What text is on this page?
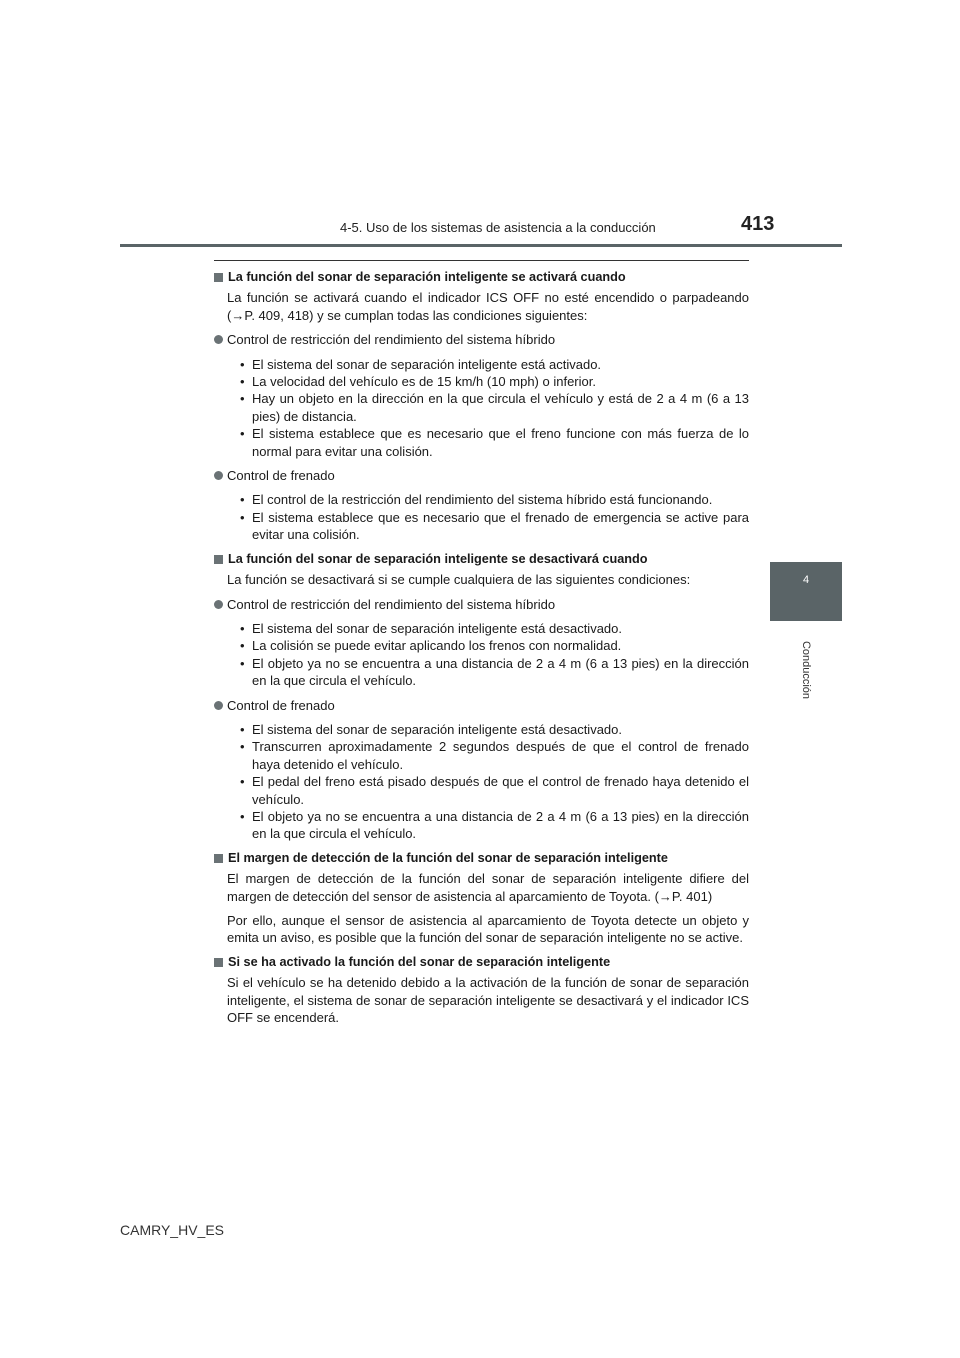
4-5. Uso de los sistemas de asistencia a la conducción	413
4
Conducción
La función del sonar de separación inteligente se activará cuando
La función se activará cuando el indicador ICS OFF no esté encendido o parpadeando (→P. 409, 418) y se cumplan todas las condiciones siguientes:
Control de restricción del rendimiento del sistema híbrido
• El sistema del sonar de separación inteligente está activado.
• La velocidad del vehículo es de 15 km/h (10 mph) o inferior.
• Hay un objeto en la dirección en la que circula el vehículo y está de 2 a 4 m (6 a 13 pies) de distancia.
• El sistema establece que es necesario que el freno funcione con más fuerza de lo normal para evitar una colisión.
Control de frenado
• El control de la restricción del rendimiento del sistema híbrido está funcionando.
• El sistema establece que es necesario que el frenado de emergencia se active para evitar una colisión.
La función del sonar de separación inteligente se desactivará cuando
La función se desactivará si se cumple cualquiera de las siguientes condiciones:
Control de restricción del rendimiento del sistema híbrido
• El sistema del sonar de separación inteligente está desactivado.
• La colisión se puede evitar aplicando los frenos con normalidad.
• El objeto ya no se encuentra a una distancia de 2 a 4 m (6 a 13 pies) en la dirección en la que circula el vehículo.
Control de frenado
• El sistema del sonar de separación inteligente está desactivado.
• Transcurren aproximadamente 2 segundos después de que el control de frenado haya detenido el vehículo.
• El pedal del freno está pisado después de que el control de frenado haya detenido el vehículo.
• El objeto ya no se encuentra a una distancia de 2 a 4 m (6 a 13 pies) en la dirección en la que circula el vehículo.
El margen de detección de la función del sonar de separación inteligente
El margen de detección de la función del sonar de separación inteligente difiere del margen de detección del sensor de asistencia al aparcamiento de Toyota. (→P. 401)
Por ello, aunque el sensor de asistencia al aparcamiento de Toyota detecte un objeto y emita un aviso, es posible que la función del sonar de separación inteligente no se active.
Si se ha activado la función del sonar de separación inteligente
Si el vehículo se ha detenido debido a la activación de la función de sonar de separación inteligente, el sistema de sonar de separación inteligente se desactivará y el indicador ICS OFF se encenderá.
CAMRY_HV_ES
